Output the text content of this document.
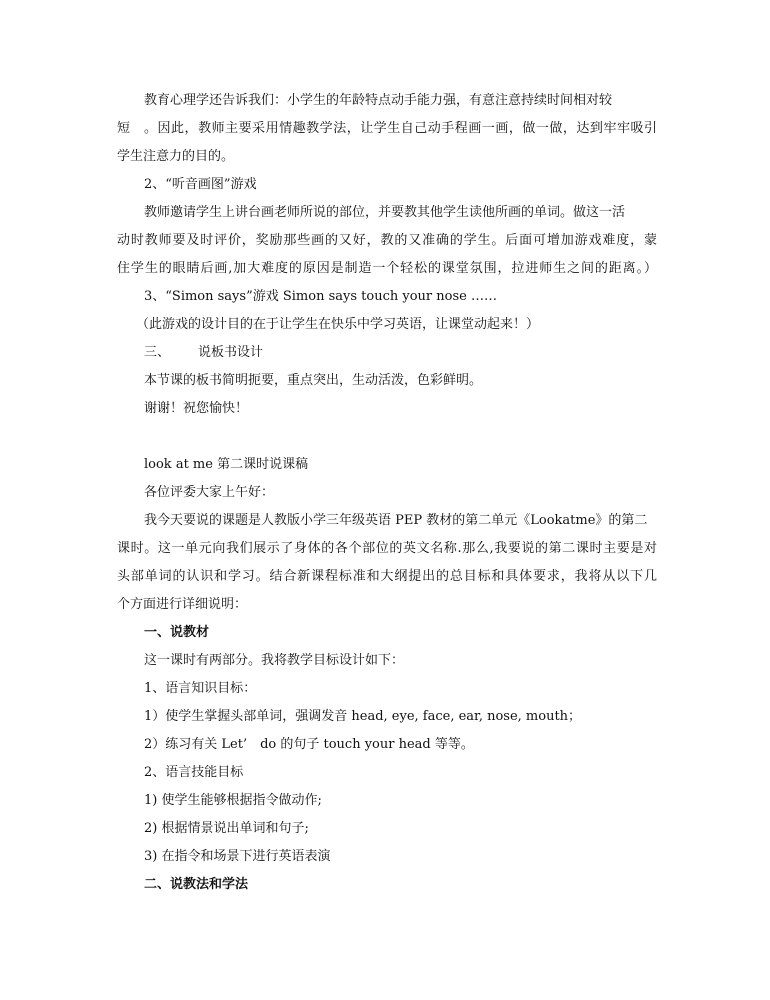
教育心理学还告诉我们：小学生的年龄特点动手能力强，有意注意持续时间相对较
短　。因此，教师主要采用情趣教学法，让学生自己动手程画一画，做一做，达到牢牢吸引
学生注意力的目的。
2、“听音画图”游戏
教师邀请学生上讲台画老师所说的部位，并要教其他学生读他所画的单词。做这一活
动时教师要及时评价，奖励那些画的又好，教的又准确的学生。后面可增加游戏难度，蒙
住学生的眼睛后画,加大难度的原因是制造一个轻松的课堂氛围，拉进师生之间的距离。）
3、“Simon says”游戏 Simon says touch your nose ……
（此游戏的设计目的在于让学生在快乐中学习英语，让课堂动起来！）
三、 说板书设计
本节课的板书简明扼要，重点突出，生动活泼，色彩鲜明。
谢谢！祝您愉快！
look at me 第二课时说课稿
各位评委大家上午好：
我今天要说的课题是人教版小学三年级英语 PEP 教材的第二单元《Lookatme》的第二
课时。这一单元向我们展示了身体的各个部位的英文名称.那么,我要说的第二课时主要是对
头部单词的认识和学习。结合新课程标准和大纲提出的总目标和具体要求，我将从以下几
个方面进行详细说明：
一、说教材
这一课时有两部分。我将教学目标设计如下：
1、语言知识目标：
1）使学生掌握头部单词，强调发音 head, eye, face, ear, nose, mouth；
2）练习有关 Let’　do 的句子 touch your head 等等。
2、语言技能目标
1) 使学生能够根据指令做动作;
2) 根据情景说出单词和句子;
3) 在指令和场景下进行英语表演
二、说教法和学法
